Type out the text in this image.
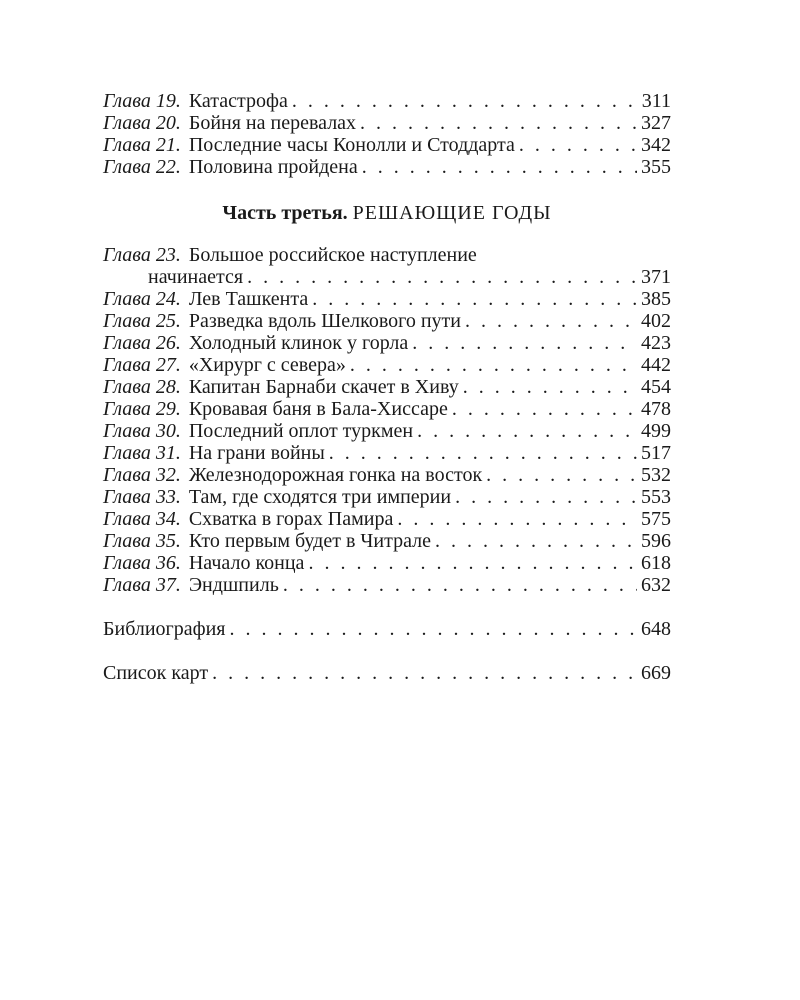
Глава 19. Катастрофа . . .	311
Глава 20. Бойня на перевалах . . .	327
Глава 21. Последние часы Конолли и Стоддарта . . .	342
Глава 22. Половина пройдена . . .	355
Часть третья. РЕШАЮЩИЕ ГОДЫ
Глава 23. Большое российское наступление
начинается . . .	371
Глава 24. Лев Ташкента . . .	385
Глава 25. Разведка вдоль Шелкового пути . . .	402
Глава 26. Холодный клинок у горла . . .	423
Глава 27. «Хирург с севера» . . .	442
Глава 28. Капитан Барнаби скачет в Хиву . . .	454
Глава 29. Кровавая баня в Бала-Хиссаре . . .	478
Глава 30. Последний оплот туркмен . . .	499
Глава 31. На грани войны . . .	517
Глава 32. Железнодорожная гонка на восток . . .	532
Глава 33. Там, где сходятся три империи . . .	553
Глава 34. Схватка в горах Памира . . .	575
Глава 35. Кто первым будет в Читрале . . .	596
Глава 36. Начало конца . . .	618
Глава 37. Эндшпиль . . .	632
Библиография . . .	648
Список карт . . .	669
